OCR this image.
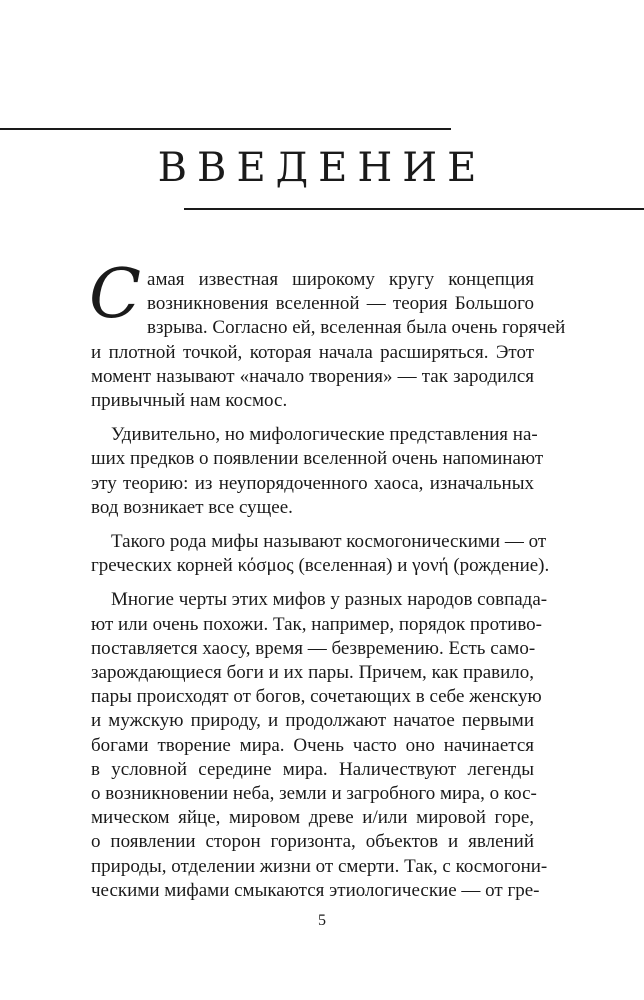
ВВЕДЕНИЕ

С амая известная широкому кругу концепция
возникновения вселенной — теория Большого
взрыва. Согласно ей, вселенная была очень горячей
и плотной точкой, которая начала расширяться. Этот
момент называют «начало творения» — так зародился
привычный нам космос.

Удивительно, но мифологические представления на-
ших предков о появлении вселенной очень напоминают
эту теорию: из неупорядоченного хаоса, изначальных
вод возникает все сущее.

Такого рода мифы называют космогоническими — от
греческих корней κόσμος (вселенная) и γονή (рождение).

Многие черты этих мифов у разных народов совпада-
ют или очень похожи. Так, например, порядок противо-
поставляется хаосу, время — безвремению. Есть само-
зарождающиеся боги и их пары. Причем, как правило,
пары происходят от богов, сочетающих в себе женскую
и мужскую природу, и продолжают начатое первыми
богами творение мира. Очень часто оно начинается
в условной середине мира. Наличествуют легенды
о возникновении неба, земли и загробного мира, о кос-
мическом яйце, мировом древе и/или мировой горе,
о появлении сторон горизонта, объектов и явлений
природы, отделении жизни от смерти. Так, с космогони-
ческими мифами смыкаются этиологические — от гре-

5
